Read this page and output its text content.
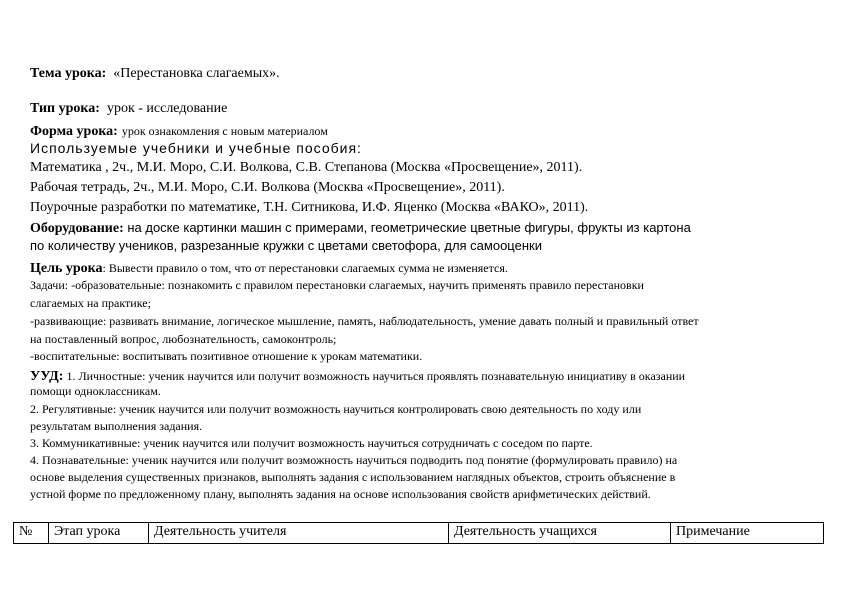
Тема урока: «Перестановка слагаемых».
Тип урока: урок - исследование
Форма урока: урок ознакомления с новым материалом
Используемые учебники и учебные пособия:
Математика , 2ч., М.И. Моро, С.И. Волкова, С.В. Степанова (Москва «Просвещение», 2011).
Рабочая тетрадь, 2ч., М.И. Моро, С.И. Волкова (Москва «Просвещение», 2011).
Поурочные разработки по математике, Т.Н. Ситникова, И.Ф. Яценко (Москва «ВАКО», 2011).
Оборудование: на доске картинки машин с примерами, геометрические цветные фигуры, фрукты из картона
по количеству учеников, разрезанные кружки с цветами светофора, для самооценки
Цель урока: Вывести правило о том, что от перестановки слагаемых сумма не изменяется.
Задачи: -образовательные: познакомить с правилом перестановки слагаемых, научить применять правило перестановки
слагаемых на практике;
-развивающие: развивать внимание, логическое мышление, память, наблюдательность, умение давать полный и правильный ответ
на поставленный вопрос, любознательность, самоконтроль;
-воспитательные: воспитывать позитивное отношение к урокам математики.
УУД: 1. Личностные: ученик научится или получит возможность научиться проявлять познавательную инициативу в оказании
помощи одноклассникам.
2. Регулятивные: ученик научится или получит возможность научиться контролировать свою деятельность по ходу или
результатам выполнения задания.
3. Коммуникативные: ученик научится или получит возможность научиться сотрудничать с соседом по парте.
4. Познавательные: ученик научится или получит возможность научиться подводить под понятие (формулировать правило) на
основе выделения существенных признаков, выполнять задания с использованием наглядных объектов, строить объяснение в
устной форме по предложенному плану, выполнять задания на основе использования свойств арифметических действий.
№	Этап урока	Деятельность учителя	Деятельность учащихся	Примечание
